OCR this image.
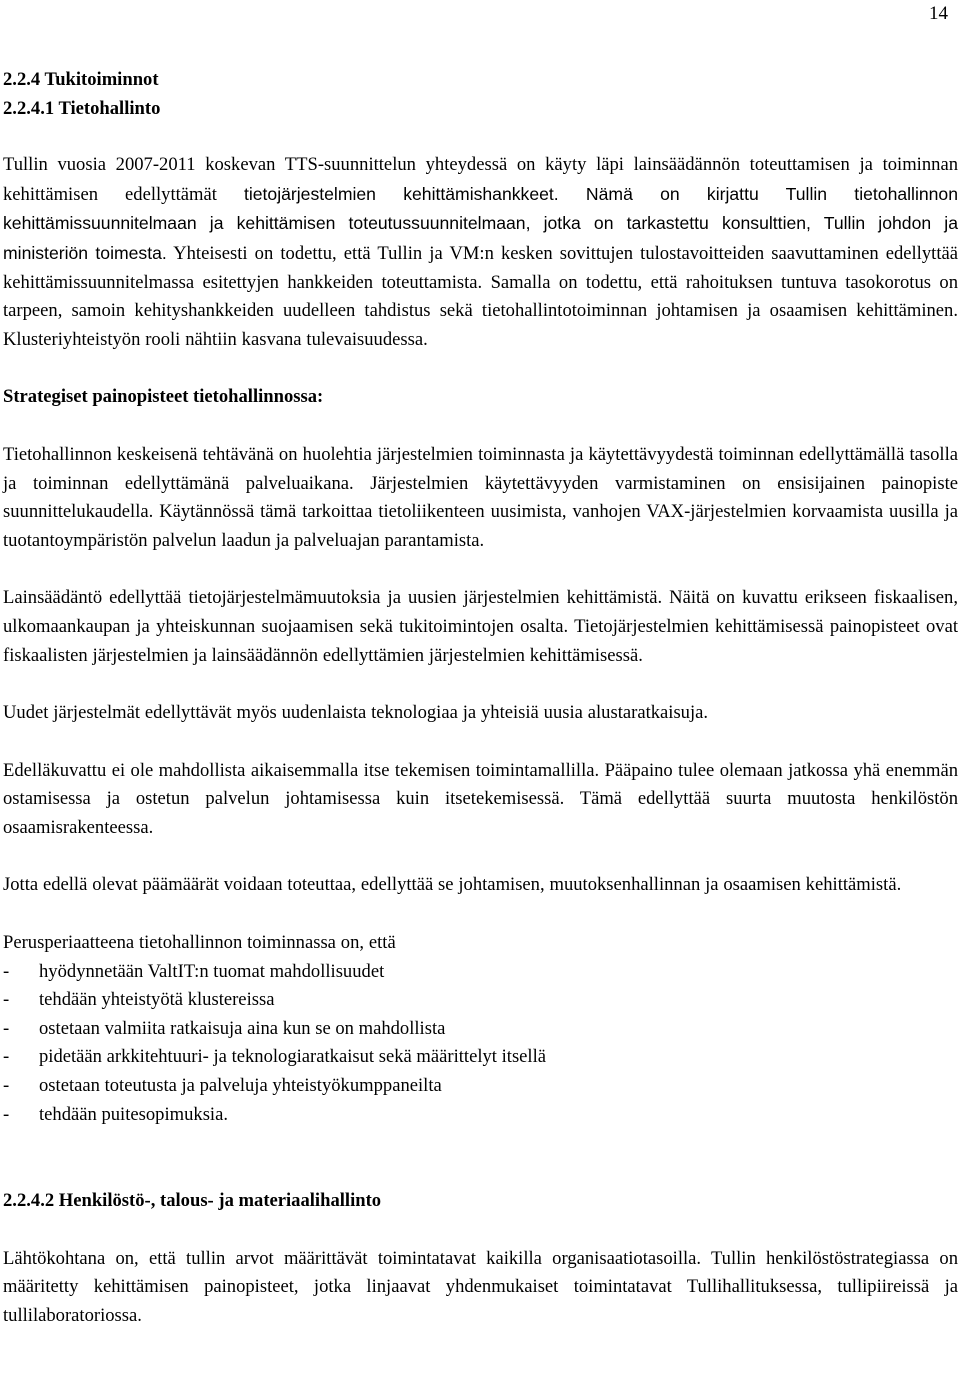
14
2.2.4 Tukitoiminnot
2.2.4.1 Tietohallinto

Tullin vuosia 2007-2011 koskevan TTS-suunnittelun yhteydessä on käyty läpi lainsäädännön toteuttamisen ja toiminnan kehittämisen edellyttämät tietojärjestelmien kehittämishankkeet. Nämä on kirjattu Tullin tietohallinnon kehittämissuunnitelmaan ja kehittämisen toteutussuunnitelmaan, jotka on tarkastettu konsulttien, Tullin johdon ja ministeriön toimesta. Yhteisesti on todettu, että Tullin ja VM:n kesken sovittujen tulostavoitteiden saavuttaminen edellyttää kehittämissuunnitelmassa esitettyjen hankkeiden toteuttamista. Samalla on todettu, että rahoituksen tuntuva tasokorotus on tarpeen, samoin kehityshankkeiden uudelleen tahdistus sekä tietohallintotoiminnan johtamisen ja osaamisen kehittäminen. Klusteriyhteistyön rooli nähtiin kasvana tulevaisuudessa.

Strategiset painopisteet tietohallinnossa:

Tietohallinnon keskeisenä tehtävänä on huolehtia järjestelmien toiminnasta ja käytettävyydestä toiminnan edellyttämällä tasolla ja toiminnan edellyttämänä palveluaikana. Järjestelmien käytettävyyden varmistaminen on ensisijainen painopiste suunnittelukaudella. Käytännössä tämä tarkoittaa tietoliikenteen uusimista, vanhojen VAX-järjestelmien korvaamista uusilla ja tuotantoympäristön palvelun laadun ja palveluajan parantamista.

Lainsäädäntö edellyttää tietojärjestelmämuutoksia ja uusien järjestelmien kehittämistä. Näitä on kuvattu erikseen fiskaalisen, ulkomaankaupan ja yhteiskunnan suojaamisen sekä tukitoimintojen osalta. Tietojärjestelmien kehittämisessä painopisteet ovat fiskaalisten järjestelmien ja lainsäädännön edellyttämien järjestelmien kehittämisessä.

Uudet järjestelmät edellyttävät myös uudenlaista teknologiaa ja yhteisiä uusia alustaratkaisuja.

Edelläkuvattu ei ole mahdollista aikaisemmalla itse tekemisen toimintamallilla. Pääpaino tulee olemaan jatkossa yhä enemmän ostamisessa ja ostetun palvelun johtamisessa kuin itsetekemisessä. Tämä edellyttää suurta muutosta henkilöstön osaamisrakenteessa.

Jotta edellä olevat päämäärät voidaan toteuttaa, edellyttää se johtamisen, muutoksenhallinnan ja osaamisen kehittämistä.

Perusperiaatteena tietohallinnon toiminnassa on, että

-	hyödynnetään ValtIT:n tuomat mahdollisuudet
-	tehdään yhteistyötä klustereissa
-	ostetaan valmiita ratkaisuja aina kun se on mahdollista
-	pidetään arkkitehtuuri- ja teknologiaratkaisut sekä määrittelyt itsellä
-	ostetaan toteutusta ja palveluja yhteistyökumppaneilta
-	tehdään puitesopimuksia.
2.2.4.2 Henkilöstö-, talous- ja materiaalihallinto

Lähtökohtana on, että tullin arvot määrittävät toimintatavat kaikilla organisaatiotasoilla. Tullin henkilöstöstrategiassa on määritetty kehittämisen painopisteet, jotka linjaavat yhdenmukaiset toimintatavat Tullihallituksessa, tullipiireissä ja tullilaboratoriossa.
